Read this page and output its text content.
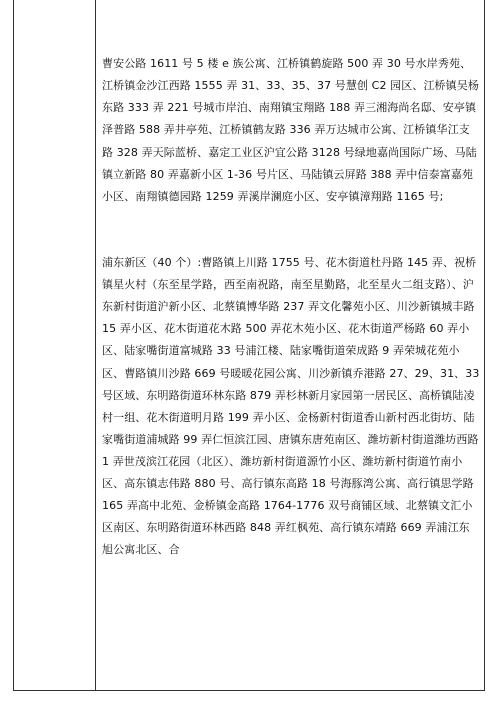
曹安公路 1611 号 5 楼 e 族公寓、江桥镇鹤旋路 500 弄 30 号水岸秀苑、江桥镇金沙江西路 1555 弄 31、33、35、37 号慧创 C2 园区、江桥镇吴杨东路 333 弄 221 号城市岸泊、南翔镇宝翔路 188 弄三湘海尚名邸、安亭镇泽普路 588 弄井亭苑、江桥镇鹤友路 336 弄万达城市公寓、江桥镇华江支路 328 弄天际蓝桥、嘉定工业区沪宜公路 3128 号绿地嘉尚国际广场、马陆镇立新路 80 弄嘉新小区 1-36 号片区、马陆镇云屏路 388 弄中信泰富嘉苑小区、南翔镇德园路 1259 弄溪岸澜庭小区、安亭镇漳翔路 1165 号;

浦东新区（40 个）:曹路镇上川路 1755 号、花木街道杜丹路 145 弄、祝桥镇星火村（东至星学路，西至南祝路，南至星勤路，北至星火二组支路）、沪东新村街道沪新小区、北蔡镇博华路 237 弄文化馨苑小区、川沙新镇城丰路 15 弄小区、花木街道花木路 500 弄花木苑小区、花木街道严杨路 60 弄小区、陆家嘴街道富城路 33 号浦江楼、陆家嘴街道荣成路 9 弄荣城花苑小区、曹路镇川沙路 669 号暖暖花园公寓、川沙新镇乔港路 27、29、31、33 号区域、东明路街道环林东路 879 弄杉林新月家园第一居民区、高桥镇陆凌村一组、花木街道明月路 199 弄小区、金杨新村街道香山新村西北街坊、陆家嘴街道浦城路 99 弄仁恒滨江园、唐镇东唐苑南区、潍坊新村街道潍坊西路 1 弄世茂滨江花园（北区）、潍坊新村街道源竹小区、潍坊新村街道竹南小区、高东镇志伟路 880 号、高行镇东高路 18 号海豚湾公寓、高行镇思学路 165 弄高中北苑、金桥镇金高路 1764-1776 双号商铺区域、北蔡镇文汇小区南区、东明路街道环林西路 848 弄红枫苑、高行镇东靖路 669 弄浦江东旭公寓北区、合
